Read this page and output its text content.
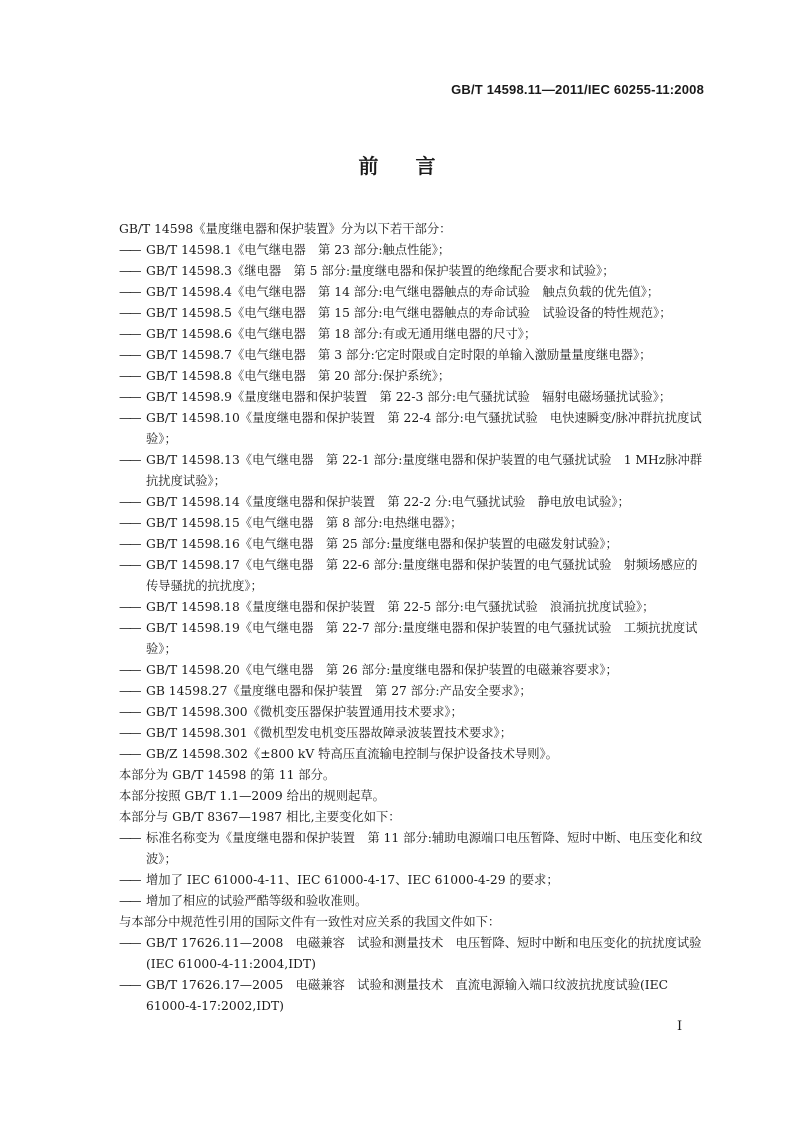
GB/T 14598.11—2011/IEC 60255-11:2008
前 言

GB/T 14598《量度继电器和保护装置》分为以下若干部分：

—— GB/T 14598.1《电气继电器　第 23 部分:触点性能》；

—— GB/T 14598.3《继电器　第 5 部分:量度继电器和保护装置的绝缘配合要求和试验》；

—— GB/T 14598.4《电气继电器　第 14 部分:电气继电器触点的寿命试验　触点负载的优先值》；

—— GB/T 14598.5《电气继电器　第 15 部分:电气继电器触点的寿命试验　试验设备的特性规范》；

—— GB/T 14598.6《电气继电器　第 18 部分:有或无通用继电器的尺寸》；

—— GB/T 14598.7《电气继电器　第 3 部分:它定时限或自定时限的单输入激励量量度继电器》；

—— GB/T 14598.8《电气继电器　第 20 部分:保护系统》；

—— GB/T 14598.9《量度继电器和保护装置　第 22-3 部分:电气骚扰试验　辐射电磁场骚扰试验》；

—— GB/T 14598.10《量度继电器和保护装置　第 22-4 部分:电气骚扰试验　电快速瞬变/脉冲群抗扰度试验》；

—— GB/T 14598.13《电气继电器　第 22-1 部分:量度继电器和保护装置的电气骚扰试验　1 MHz脉冲群抗扰度试验》；

—— GB/T 14598.14《量度继电器和保护装置　第 22-2 分:电气骚扰试验　静电放电试验》；

—— GB/T 14598.15《电气继电器　第 8 部分:电热继电器》；

—— GB/T 14598.16《电气继电器　第 25 部分:量度继电器和保护装置的电磁发射试验》；

—— GB/T 14598.17《电气继电器　第 22-6 部分:量度继电器和保护装置的电气骚扰试验　射频场感应的传导骚扰的抗扰度》；

—— GB/T 14598.18《量度继电器和保护装置　第 22-5 部分:电气骚扰试验　浪涌抗扰度试验》；

—— GB/T 14598.19《电气继电器　第 22-7 部分:量度继电器和保护装置的电气骚扰试验　工频抗扰度试验》；

—— GB/T 14598.20《电气继电器　第 26 部分:量度继电器和保护装置的电磁兼容要求》；

—— GB 14598.27《量度继电器和保护装置　第 27 部分:产品安全要求》；

—— GB/T 14598.300《微机变压器保护装置通用技术要求》；

—— GB/T 14598.301《微机型发电机变压器故障录波装置技术要求》；

—— GB/Z 14598.302《±800 kV 特高压直流输电控制与保护设备技术导则》。

本部分为 GB/T 14598 的第 11 部分。

本部分按照 GB/T 1.1—2009 给出的规则起草。

本部分与 GB/T 8367—1987 相比,主要变化如下：

—— 标准名称变为《量度继电器和保护装置　第 11 部分:辅助电源端口电压暂降、短时中断、电压变化和纹波》；

—— 增加了 IEC 61000-4-11、IEC 61000-4-17、IEC 61000-4-29 的要求；

—— 增加了相应的试验严酷等级和验收准则。

与本部分中规范性引用的国际文件有一致性对应关系的我国文件如下：

—— GB/T 17626.11—2008　电磁兼容　试验和测量技术　电压暂降、短时中断和电压变化的抗扰度试验(IEC 61000-4-11:2004,IDT)

—— GB/T 17626.17—2005　电磁兼容　试验和测量技术　直流电源输入端口纹波抗扰度试验(IEC 61000-4-17:2002,IDT)

I
